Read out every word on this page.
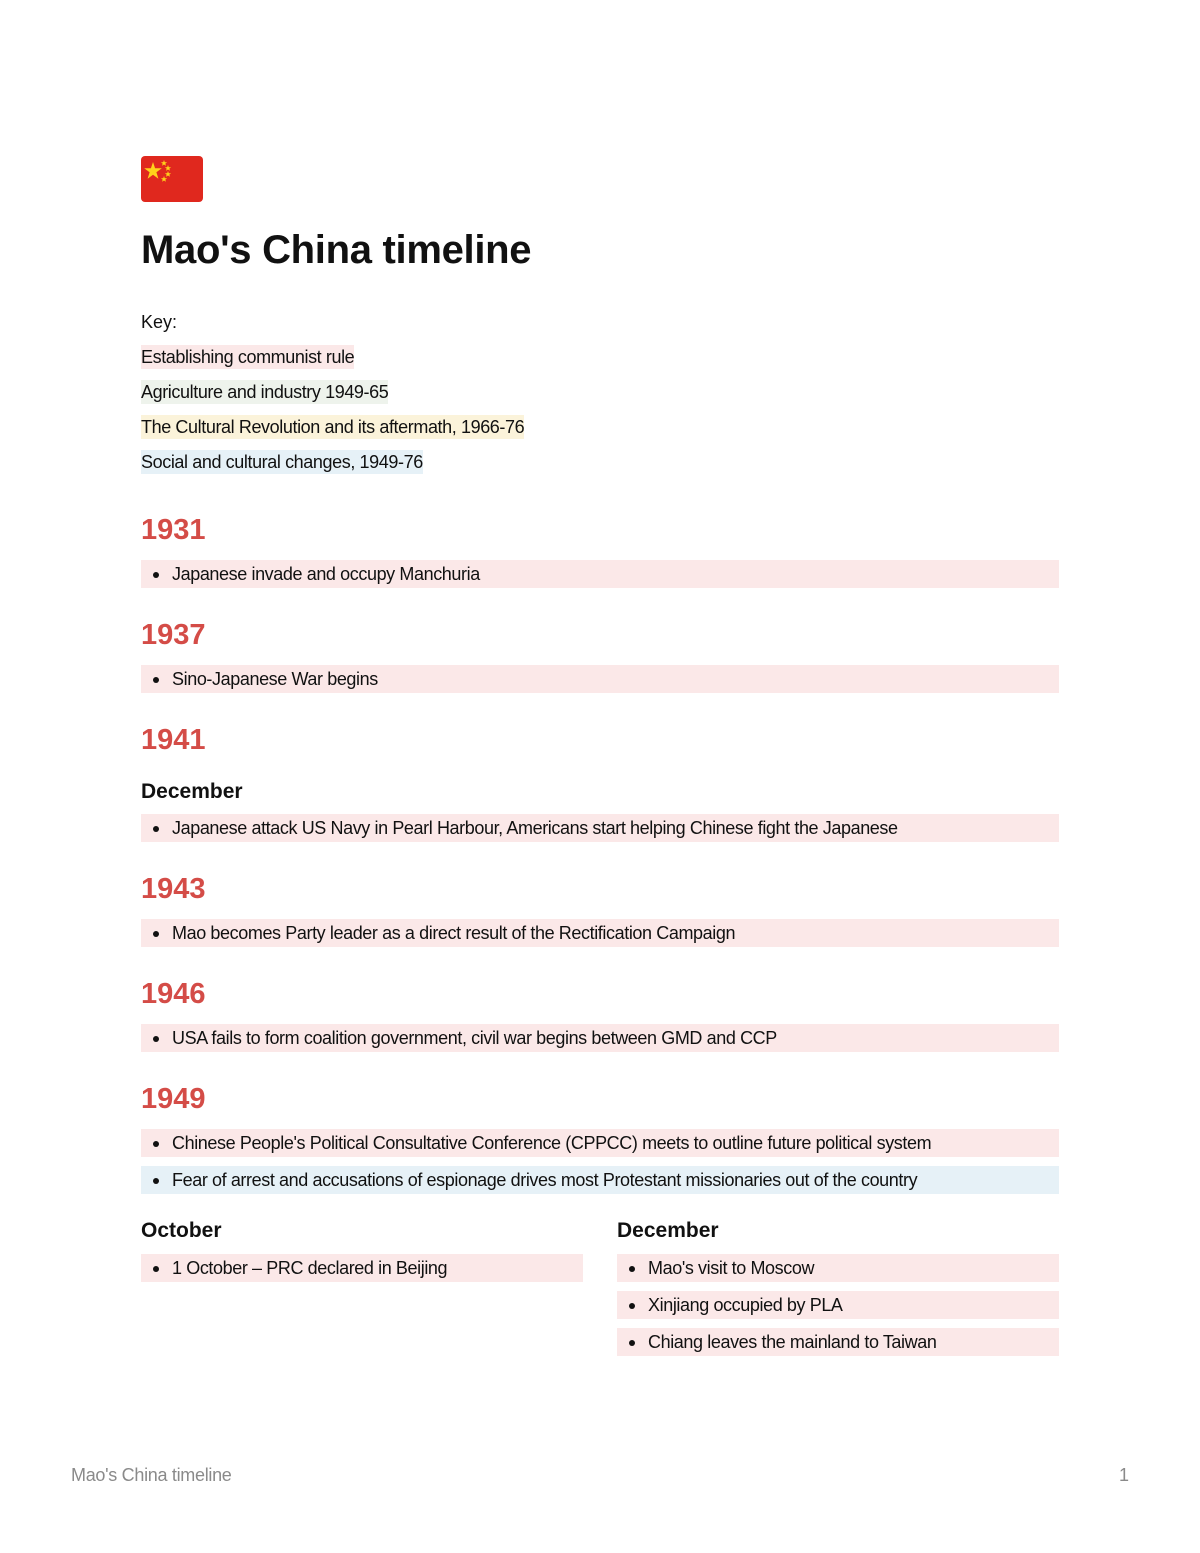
Mao's China timeline
Key:
Establishing communist rule
Agriculture and industry 1949-65
The Cultural Revolution and its aftermath, 1966-76
Social and cultural changes, 1949-76
1931
Japanese invade and occupy Manchuria
1937
Sino-Japanese War begins
1941
December
Japanese attack US Navy in Pearl Harbour, Americans start helping Chinese fight the Japanese
1943
Mao becomes Party leader as a direct result of the Rectification Campaign
1946
USA fails to form coalition government, civil war begins between GMD and CCP
1949
Chinese People's Political Consultative Conference (CPPCC) meets to outline future political system
Fear of arrest and accusations of espionage drives most Protestant missionaries out of the country
October
1 October – PRC declared in Beijing
December
Mao's visit to Moscow
Xinjiang occupied by PLA
Chiang leaves the mainland to Taiwan
Mao's China timeline	1
